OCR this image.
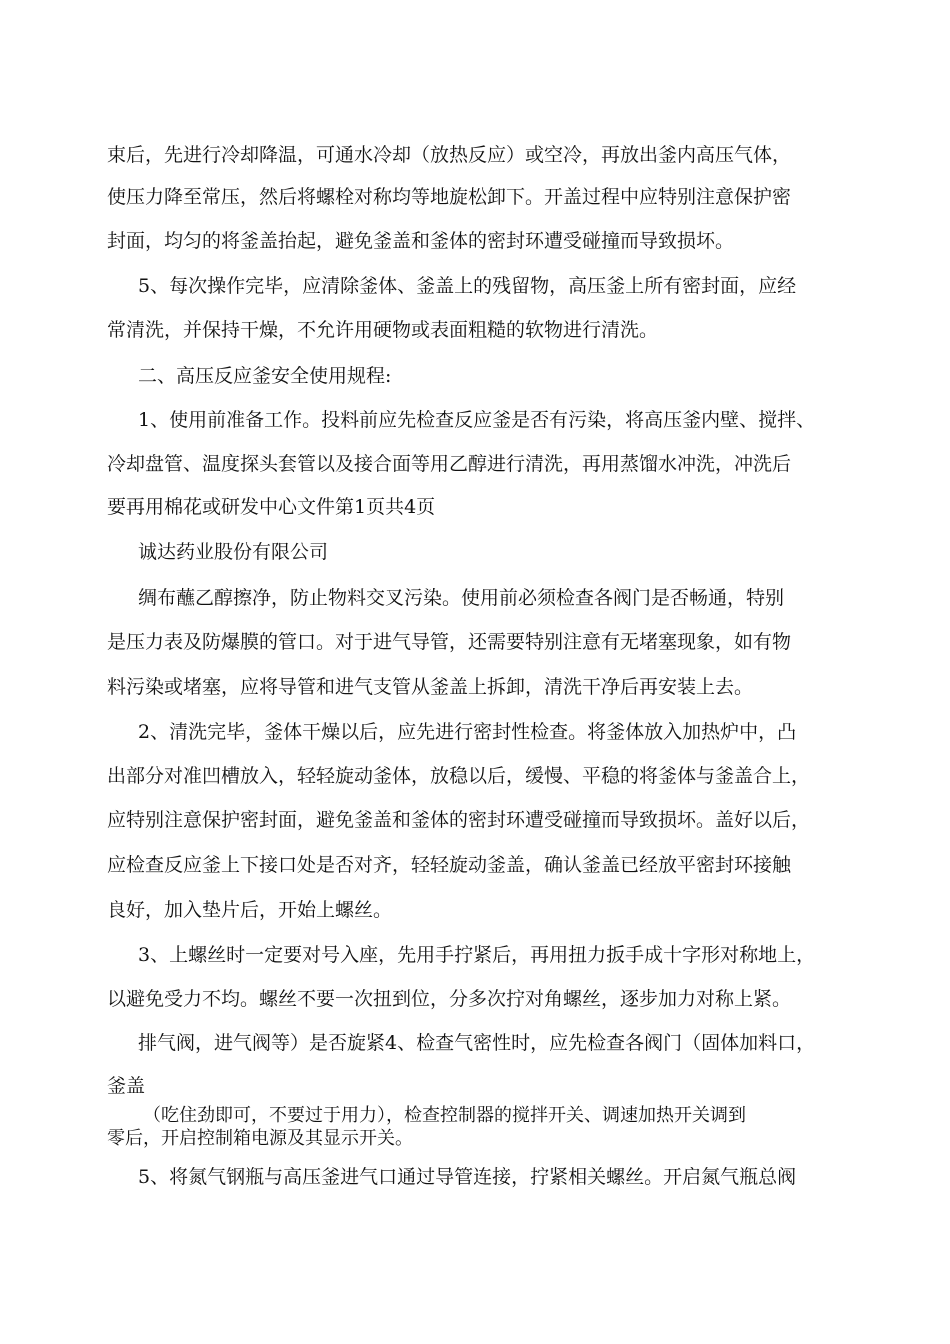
束后，先进行冷却降温，可通水冷却（放热反应）或空冷，再放出釜内高压气体，
使压力降至常压，然后将螺栓对称均等地旋松卸下。开盖过程中应特别注意保护密
封面，均匀的将釜盖抬起，避免釜盖和釜体的密封环遭受碰撞而导致损坏。
5、每次操作完毕，应清除釜体、釜盖上的残留物，高压釜上所有密封面，应经
常清洗，并保持干燥，不允许用硬物或表面粗糙的软物进行清洗。
二、高压反应釜安全使用规程:
1、使用前准备工作。投料前应先检查反应釜是否有污染，将高压釜内壁、搅拌、
冷却盘管、温度探头套管以及接合面等用乙醇进行清洗，再用蒸馏水冲洗，冲洗后
要再用棉花或研发中心文件第1页共4页
诚达药业股份有限公司
绸布蘸乙醇擦净，防止物料交叉污染。使用前必须检查各阀门是否畅通，特别
是压力表及防爆膜的管口。对于进气导管，还需要特别注意有无堵塞现象，如有物
料污染或堵塞，应将导管和进气支管从釜盖上拆卸，清洗干净后再安装上去。
2、清洗完毕，釜体干燥以后，应先进行密封性检查。将釜体放入加热炉中，凸
出部分对准凹槽放入，轻轻旋动釜体，放稳以后，缓慢、平稳的将釜体与釜盖合上，
应特别注意保护密封面，避免釜盖和釜体的密封环遭受碰撞而导致损坏。盖好以后，
应检查反应釜上下接口处是否对齐，轻轻旋动釜盖，确认釜盖已经放平密封环接触
良好，加入垫片后，开始上螺丝。
3、上螺丝时一定要对号入座，先用手拧紧后，再用扭力扳手成十字形对称地上，
以避免受力不均。螺丝不要一次扭到位，分多次拧对角螺丝，逐步加力对称上紧。
排气阀，进气阀等）是否旋紧4、检查气密性时，应先检查各阀门（固体加料口，
釜盖
（吃住劲即可，不要过于用力），检查控制器的搅拌开关、调速加热开关调到
零后，开启控制箱电源及其显示开关。
5、将氮气钢瓶与高压釜进气口通过导管连接，拧紧相关螺丝。开启氮气瓶总阀
